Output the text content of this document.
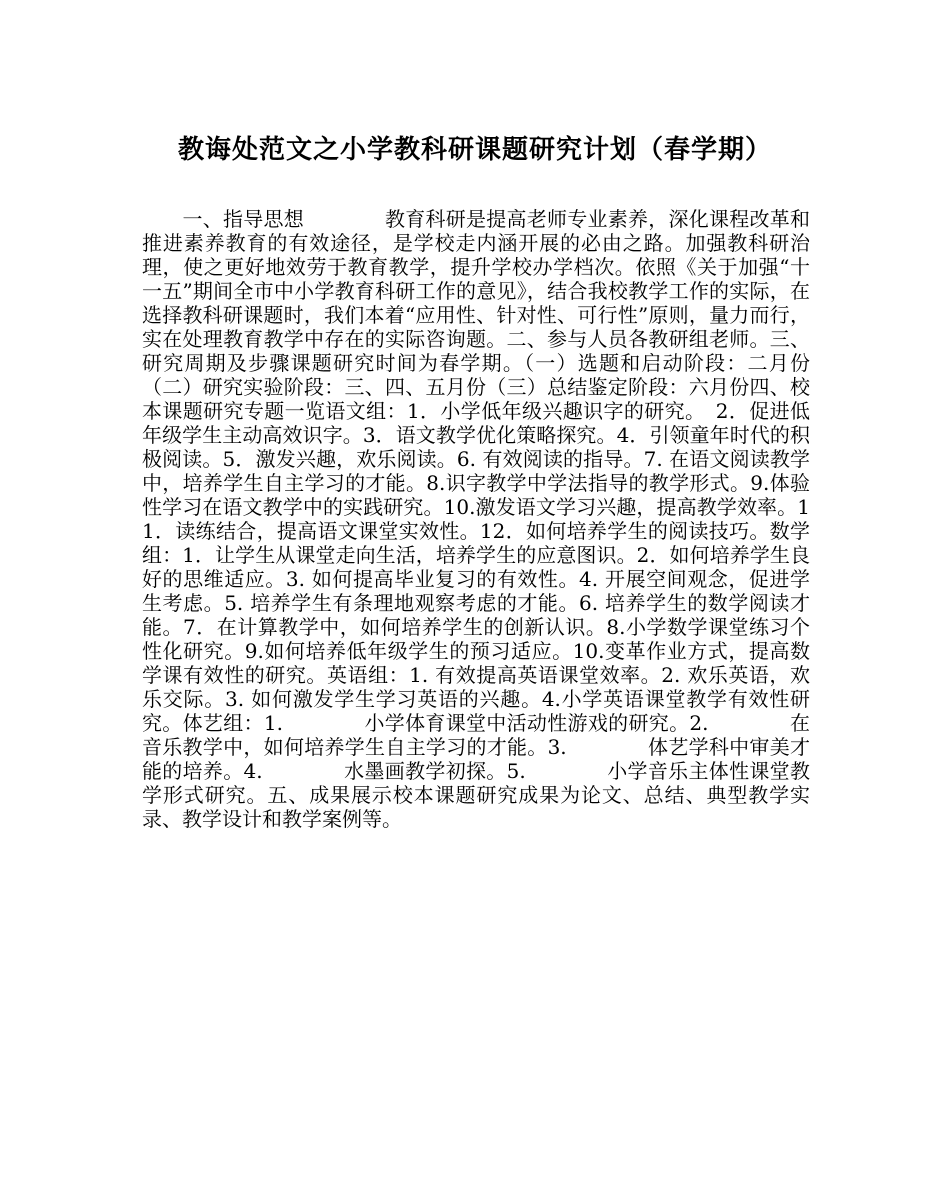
教诲处范文之小学教科研课题研究计划（春学期）

　　一、指导思想　　　　教育科研是提高老师专业素养，深化课程改革和推进素养教育的有效途径，是学校走内涵开展的必由之路。加强教科研治理，使之更好地效劳于教育教学，提升学校办学档次。依照《关于加强“十一五”期间全市中小学教育科研工作的意见》，结合我校教学工作的实际，在选择教科研课题时，我们本着“应用性、针对性、可行性”原则，量力而行，实在处理教育教学中存在的实际咨询题。二、参与人员各教研组老师。三、研究周期及步骤课题研究时间为春学期。（一）选题和启动阶段：二月份（二）研究实验阶段：三、四、五月份（三）总结鉴定阶段：六月份四、校本课题研究专题一览语文组：1．小学低年级兴趣识字的研究。　2．促进低年级学生主动高效识字。3．语文教学优化策略探究。4．引领童年时代的积极阅读。5．激发兴趣，欢乐阅读。6. 有效阅读的指导。7. 在语文阅读教学中，培养学生自主学习的才能。8.识字教学中学法指导的教学形式。9.体验性学习在语文教学中的实践研究。10.激发语文学习兴趣，提高教学效率。11．读练结合，提高语文课堂实效性。12．如何培养学生的阅读技巧。数学组：1．让学生从课堂走向生活，培养学生的应意图识。2．如何培养学生良好的思维适应。3. 如何提高毕业复习的有效性。4. 开展空间观念，促进学生考虑。5. 培养学生有条理地观察考虑的才能。6. 培养学生的数学阅读才能。7．在计算教学中，如何培养学生的创新认识。8.小学数学课堂练习个性化研究。9.如何培养低年级学生的预习适应。10.变革作业方式，提高数学课有效性的研究。英语组：1. 有效提高英语课堂效率。2. 欢乐英语，欢乐交际。3. 如何激发学生学习英语的兴趣。4.小学英语课堂教学有效性研究。体艺组：1.　　　　小学体育课堂中活动性游戏的研究。2.　　　　在音乐教学中，如何培养学生自主学习的才能。3.　　　　体艺学科中审美才能的培养。4.　　　　水墨画教学初探。5.　　　　小学音乐主体性课堂教学形式研究。五、成果展示校本课题研究成果为论文、总结、典型教学实录、教学设计和教学案例等。
